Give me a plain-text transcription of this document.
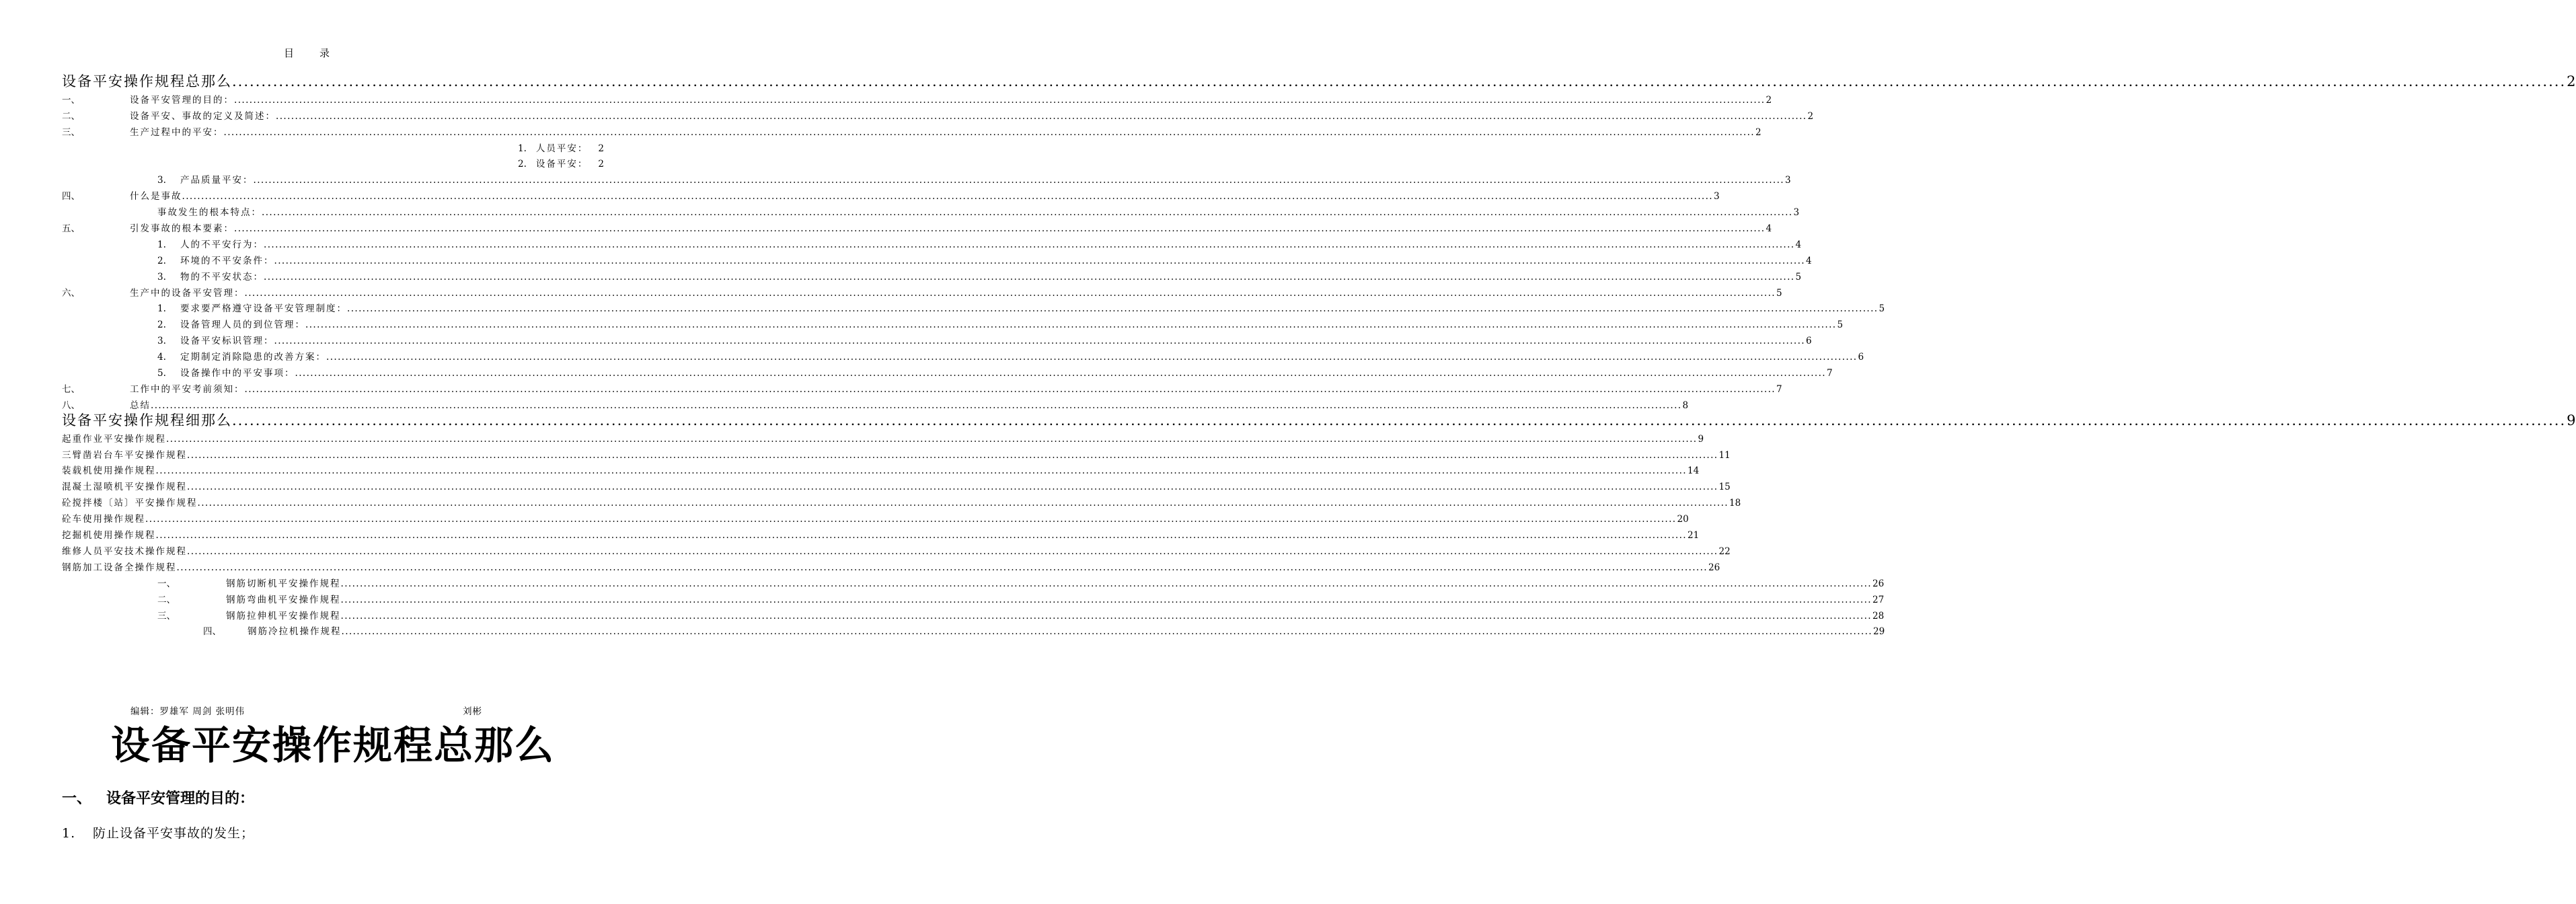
目录
设备平安操作规程总那么 ................................................................................................................................................................................................................................................................................................................................................................................................................ 2
一、	设备平安管理的目的： ................................................................................................................................................................................................................................................................................................................................................................................................................ 2
二、	设备平安、事故的定义及简述： ................................................................................................................................................................................................................................................................................................................................................................................................................ 2
三、	生产过程中的平安： ................................................................................................................................................................................................................................................................................................................................................................................................................ 2
1. 人员平安： 2
2. 设备平安： 2
3.	产品质量平安： ................................................................................................................................................................................................................................................................................................................................................................................................................ 3
四、	什么是事故 ................................................................................................................................................................................................................................................................................................................................................................................................................ 3
事故发生的根本特点： ................................................................................................................................................................................................................................................................................................................................................................................................................ 3
五、	引发事故的根本要素： ................................................................................................................................................................................................................................................................................................................................................................................................................ 4
1.	人的不平安行为： ................................................................................................................................................................................................................................................................................................................................................................................................................ 4
2.	环境的不平安条件： ................................................................................................................................................................................................................................................................................................................................................................................................................ 4
3.	物的不平安状态： ................................................................................................................................................................................................................................................................................................................................................................................................................ 5
六、	生产中的设备平安管理： ................................................................................................................................................................................................................................................................................................................................................................................................................ 5
1.	要求要严格遵守设备平安管理制度： ................................................................................................................................................................................................................................................................................................................................................................................................................ 5
2.	设备管理人员的到位管理： ................................................................................................................................................................................................................................................................................................................................................................................................................ 5
3.	设备平安标识管理： ................................................................................................................................................................................................................................................................................................................................................................................................................ 6
4.	定期制定消除隐患的改善方案： ................................................................................................................................................................................................................................................................................................................................................................................................................ 6
5.	设备操作中的平安事项： ................................................................................................................................................................................................................................................................................................................................................................................................................ 7
七、	工作中的平安考前须知： ................................................................................................................................................................................................................................................................................................................................................................................................................ 7
八、	总结 ................................................................................................................................................................................................................................................................................................................................................................................................................ 8
设备平安操作规程细那么 ................................................................................................................................................................................................................................................................................................................................................................................................................ 9
起重作业平安操作规程 ................................................................................................................................................................................................................................................................................................................................................................................................................ 9
三臂凿岩台车平安操作规程 ................................................................................................................................................................................................................................................................................................................................................................................................................ 11
装载机使用操作规程 ................................................................................................................................................................................................................................................................................................................................................................................................................ 14
混凝土湿喷机平安操作规程 ................................................................................................................................................................................................................................................................................................................................................................................................................ 15
砼搅拌楼〔站〕平安操作规程 ................................................................................................................................................................................................................................................................................................................................................................................................................ 18
砼车使用操作规程 ................................................................................................................................................................................................................................................................................................................................................................................................................ 20
挖掘机使用操作规程 ................................................................................................................................................................................................................................................................................................................................................................................................................ 21
维修人员平安技术操作规程 ................................................................................................................................................................................................................................................................................................................................................................................................................ 22
钢筋加工设备全操作规程 ................................................................................................................................................................................................................................................................................................................................................................................................................ 26
一、	钢筋切断机平安操作规程 ................................................................................................................................................................................................................................................................................................................................................................................................................ 26
二、	钢筋弯曲机平安操作规程 ................................................................................................................................................................................................................................................................................................................................................................................................................ 27
三、	钢筋拉伸机平安操作规程 ................................................................................................................................................................................................................................................................................................................................................................................................................ 28
四、	钢筋冷拉机操作规程 ................................................................................................................................................................................................................................................................................................................................................................................................................ 29
编辑：罗雄军 周剑 张明伟	刘彬
设备平安操作规程总那么
一、 设备平安管理的目的：
1. 防止设备平安事故的发生；
